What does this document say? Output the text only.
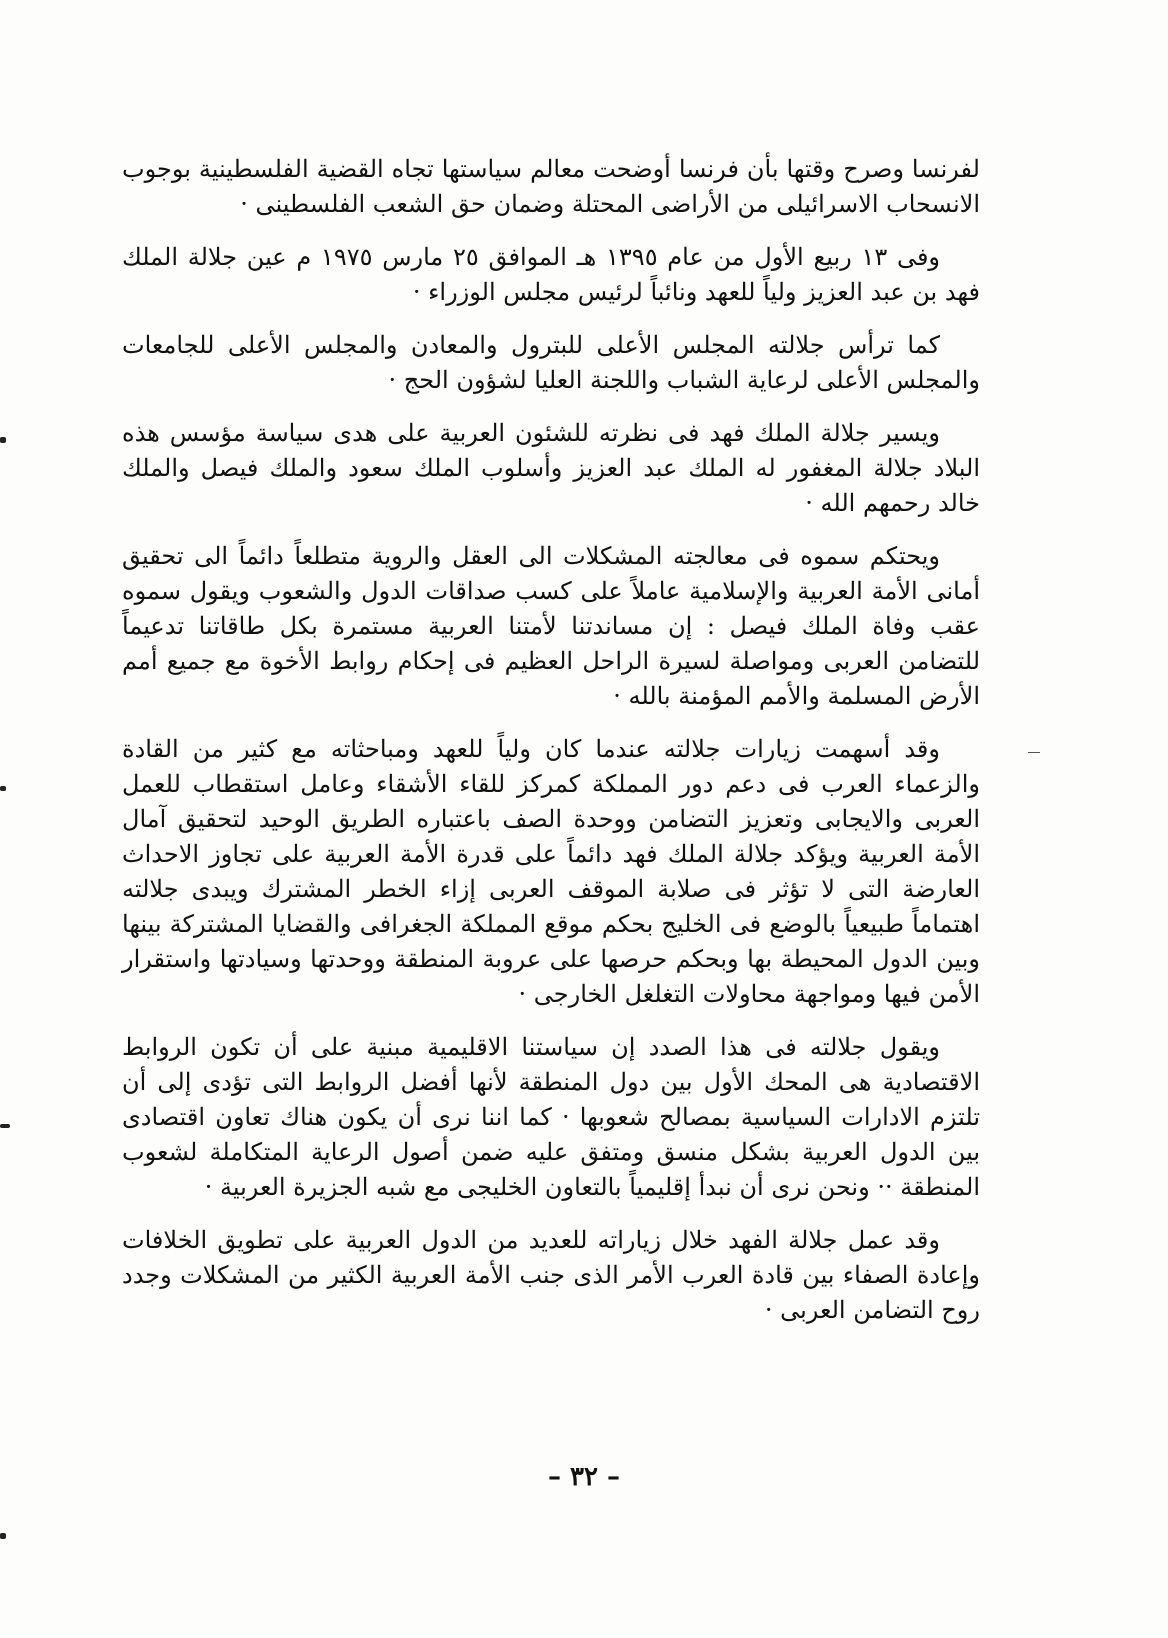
لفرنسا وصرح وقتها بأن فرنسا أوضحت معالم سياستها تجاه القضية الفلسطينية بوجوب الانسحاب الاسرائيلى من الأراضى المحتلة وضمان حق الشعب الفلسطينى ·

وفى ١٣ ربيع الأول من عام ١٣٩٥ هـ الموافق ٢٥ مارس ١٩٧٥ م عين جلالة الملك فهد بن عبد العزيز ولياً للعهد ونائباً لرئيس مجلس الوزراء ·

كما ترأس جلالته المجلس الأعلى للبترول والمعادن والمجلس الأعلى للجامعات والمجلس الأعلى لرعاية الشباب واللجنة العليا لشؤون الحج ·

ويسير جلالة الملك فهد فى نظرته للشئون العربية على هدى سياسة مؤسس هذه البلاد جلالة المغفور له الملك عبد العزيز وأسلوب الملك سعود والملك فيصل والملك خالد رحمهم الله ·

ويحتكم سموه فى معالجته المشكلات الى العقل والروية متطلعاً دائماً الى تحقيق أمانى الأمة العربية والإسلامية عاملاً على كسب صداقات الدول والشعوب ويقول سموه عقب وفاة الملك فيصل : إن مساندتنا لأمتنا العربية مستمرة بكل طاقاتنا تدعيماً للتضامن العربى ومواصلة لسيرة الراحل العظيم فى إحكام روابط الأخوة مع جميع أمم الأرض المسلمة والأمم المؤمنة بالله ·

وقد أسهمت زيارات جلالته عندما كان ولياً للعهد ومباحثاته مع كثير من القادة والزعماء العرب فى دعم دور المملكة كمركز للقاء الأشقاء وعامل استقطاب للعمل العربى والايجابى وتعزيز التضامن ووحدة الصف باعتباره الطريق الوحيد لتحقيق آمال الأمة العربية ويؤكد جلالة الملك فهد دائماً على قدرة الأمة العربية على تجاوز الاحداث العارضة التى لا تؤثر فى صلابة الموقف العربى إزاء الخطر المشترك ويبدى جلالته اهتماماً طبيعياً بالوضع فى الخليج بحكم موقع المملكة الجغرافى والقضايا المشتركة بينها وبين الدول المحيطة بها وبحكم حرصها على عروبة المنطقة ووحدتها وسيادتها واستقرار الأمن فيها ومواجهة محاولات التغلغل الخارجى ·

ويقول جلالته فى هذا الصدد إن سياستنا الاقليمية مبنية على أن تكون الروابط الاقتصادية هى المحك الأول بين دول المنطقة لأنها أفضل الروابط التى تؤدى إلى أن تلتزم الادارات السياسية بمصالح شعوبها · كما اننا نرى أن يكون هناك تعاون اقتصادى بين الدول العربية بشكل منسق ومتفق عليه ضمن أصول الرعاية المتكاملة لشعوب المنطقة ·· ونحن نرى أن نبدأ إقليمياً بالتعاون الخليجى مع شبه الجزيرة العربية ·

وقد عمل جلالة الفهد خلال زياراته للعديد من الدول العربية على تطويق الخلافات وإعادة الصفاء بين قادة العرب الأمر الذى جنب الأمة العربية الكثير من المشكلات وجدد روح التضامن العربى ·

– ٣٢ –
